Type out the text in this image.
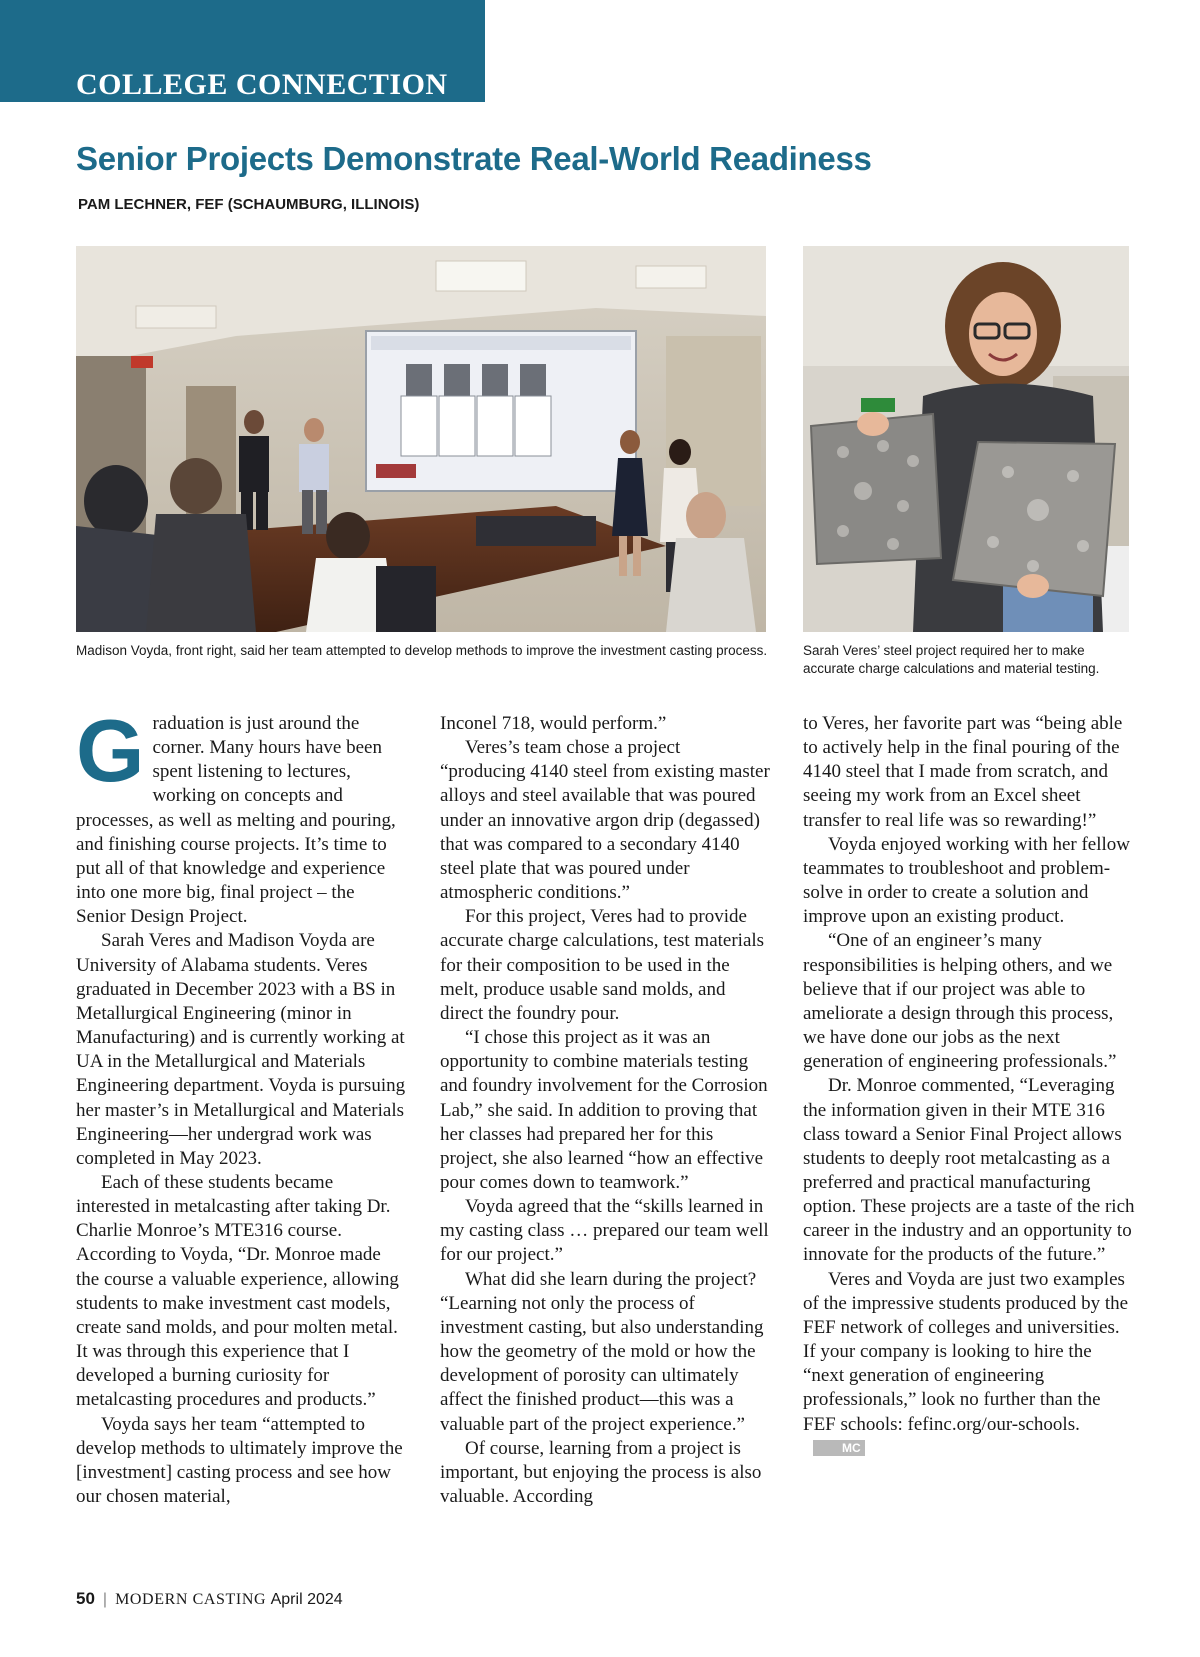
COLLEGE CONNECTION

Senior Projects Demonstrate Real-World Readiness

PAM LECHNER, FEF (SCHAUMBURG, ILLINOIS)

Madison Voyda, front right, said her team attempted to develop methods to improve the investment casting process.	Sarah Veres’ steel project required her to make accurate charge calculations and material testing.

Graduation is just around the corner. Many hours have been spent listening to lectures, working on concepts and processes, as well as melting and pouring, and finishing course projects. It’s time to put all of that knowledge and experience into one more big, final project – the Senior Design Project.

Sarah Veres and Madison Voyda are University of Alabama students. Veres graduated in December 2023 with a BS in Metallurgical Engineering (minor in Manufacturing) and is currently working at UA in the Metallurgical and Materials Engineering department. Voyda is pursuing her master’s in Metallurgical and Materials Engineering—her undergrad work was completed in May 2023.

Each of these students became interested in metalcasting after taking Dr. Charlie Monroe’s MTE316 course. According to Voyda, “Dr. Monroe made the course a valuable experience, allowing students to make investment cast models, create sand molds, and pour molten metal. It was through this experience that I developed a burning curiosity for metalcasting procedures and products.”

Voyda says her team “attempted to develop methods to ultimately improve the [investment] casting process and see how our chosen material,

Inconel 718, would perform.”

Veres’s team chose a project “producing 4140 steel from existing master alloys and steel available that was poured under an innovative argon drip (degassed) that was compared to a secondary 4140 steel plate that was poured under atmospheric conditions.”

For this project, Veres had to provide accurate charge calculations, test materials for their composition to be used in the melt, produce usable sand molds, and direct the foundry pour.

“I chose this project as it was an opportunity to combine materials testing and foundry involvement for the Corrosion Lab,” she said. In addition to proving that her classes had prepared her for this project, she also learned “how an effective pour comes down to teamwork.”

Voyda agreed that the “skills learned in my casting class … prepared our team well for our project.”

What did she learn during the project? “Learning not only the process of investment casting, but also understanding how the geometry of the mold or how the development of porosity can ultimately affect the finished product—this was a valuable part of the project experience.”

Of course, learning from a project is important, but enjoying the process is also valuable. According

to Veres, her favorite part was “being able to actively help in the final pouring of the 4140 steel that I made from scratch, and seeing my work from an Excel sheet transfer to real life was so rewarding!”

Voyda enjoyed working with her fellow teammates to troubleshoot and problem-solve in order to create a solution and improve upon an existing product.

“One of an engineer’s many responsibilities is helping others, and we believe that if our project was able to ameliorate a design through this process, we have done our jobs as the next generation of engineering professionals.”

Dr. Monroe commented, “Leveraging the information given in their MTE 316 class toward a Senior Final Project allows students to deeply root metalcasting as a preferred and practical manufacturing option. These projects are a taste of the rich career in the industry and an opportunity to innovate for the products of the future.”

Veres and Voyda are just two examples of the impressive students produced by the FEF network of colleges and universities. If your company is looking to hire the “next generation of engineering professionals,” look no further than the FEF schools: fefinc.org/our-schools.MC

50 | MODERN CASTING April 2024
